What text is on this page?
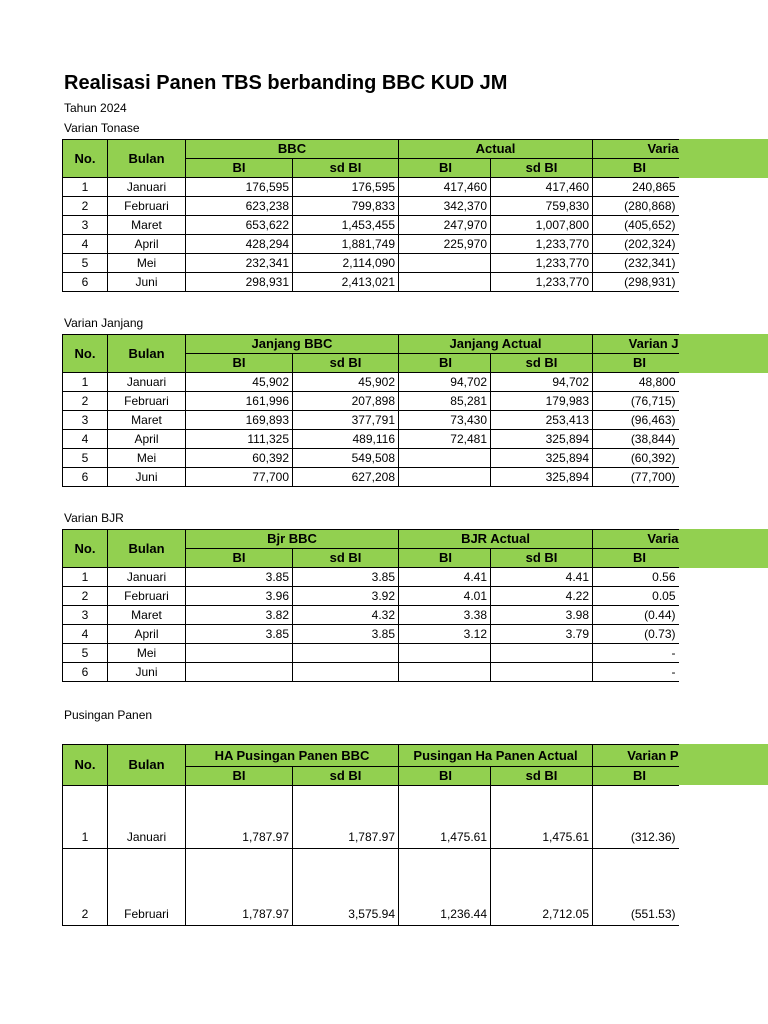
Realisasi Panen TBS berbanding BBC KUD JM
Tahun 2024
Varian Tonase
No.	Bulan	BBC		Actual		Varia
		BI	sd BI	BI	sd BI	BI
1	Januari	176,595	176,595	417,460	417,460	240,865
2	Februari	623,238	799,833	342,370	759,830	(280,868)
3	Maret	653,622	1,453,455	247,970	1,007,800	(405,652)
4	April	428,294	1,881,749	225,970	1,233,770	(202,324)
5	Mei	232,341	2,114,090		1,233,770	(232,341)
6	Juni	298,931	2,413,021		1,233,770	(298,931)
Varian Janjang
No.	Bulan	Janjang BBC		Janjang Actual		Varian J
		BI	sd BI	BI	sd BI	BI
1	Januari	45,902	45,902	94,702	94,702	48,800
2	Februari	161,996	207,898	85,281	179,983	(76,715)
3	Maret	169,893	377,791	73,430	253,413	(96,463)
4	April	111,325	489,116	72,481	325,894	(38,844)
5	Mei	60,392	549,508		325,894	(60,392)
6	Juni	77,700	627,208		325,894	(77,700)
Varian BJR
No.	Bulan	Bjr BBC		BJR Actual		Varia
		BI	sd BI	BI	sd BI	BI
1	Januari	3.85	3.85	4.41	4.41	0.56
2	Februari	3.96	3.92	4.01	4.22	0.05
3	Maret	3.82	4.32	3.38	3.98	(0.44)
4	April	3.85	3.85	3.12	3.79	(0.73)
5	Mei					-
6	Juni					-
Pusingan Panen
No.	Bulan	HA Pusingan Panen BBC		Pusingan Ha Panen Actual		Varian P
		BI	sd BI	BI	sd BI	BI
1	Januari	1,787.97	1,787.97	1,475.61	1,475.61	(312.36)
2	Februari	1,787.97	3,575.94	1,236.44	2,712.05	(551.53)
